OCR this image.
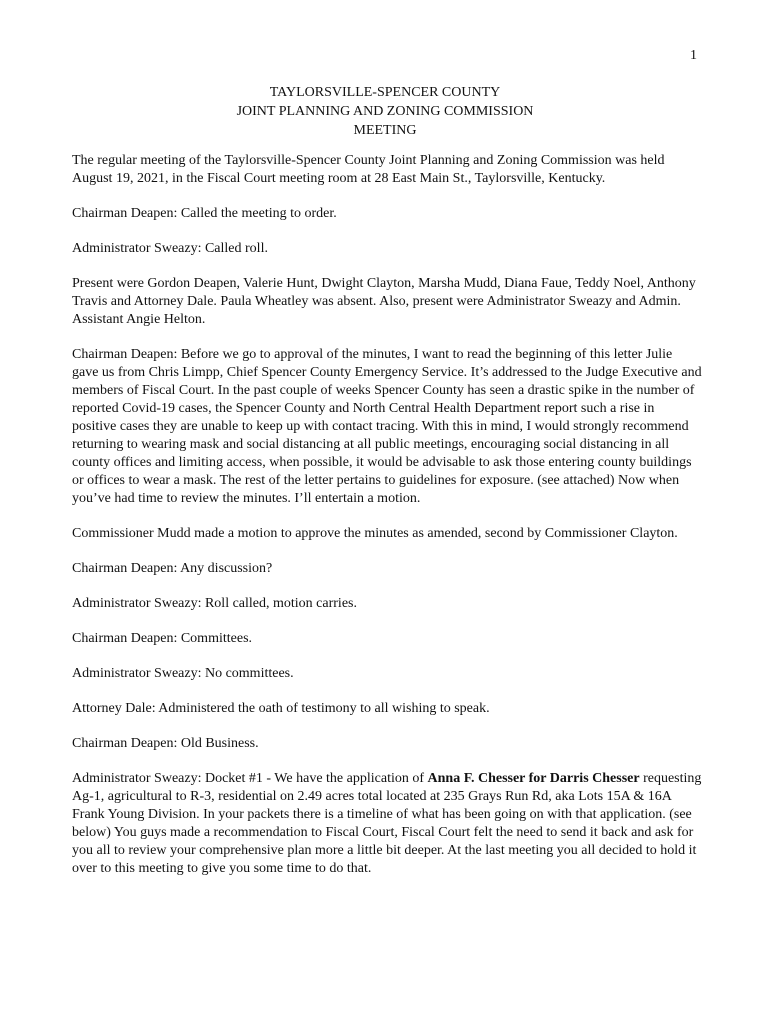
1
TAYLORSVILLE-SPENCER COUNTY
JOINT PLANNING AND ZONING COMMISSION
MEETING

The regular meeting of the Taylorsville-Spencer County Joint Planning and Zoning Commission was held August 19, 2021, in the Fiscal Court meeting room at 28 East Main St., Taylorsville, Kentucky.

Chairman Deapen: Called the meeting to order.

Administrator Sweazy: Called roll.

Present were Gordon Deapen, Valerie Hunt, Dwight Clayton, Marsha Mudd, Diana Faue, Teddy Noel, Anthony Travis and Attorney Dale. Paula Wheatley was absent. Also, present were Administrator Sweazy and Admin. Assistant Angie Helton.

Chairman Deapen: Before we go to approval of the minutes, I want to read the beginning of this letter Julie gave us from Chris Limpp, Chief Spencer County Emergency Service. It’s addressed to the Judge Executive and members of Fiscal Court. In the past couple of weeks Spencer County has seen a drastic spike in the number of reported Covid-19 cases, the Spencer County and North Central Health Department report such a rise in positive cases they are unable to keep up with contact tracing. With this in mind, I would strongly recommend returning to wearing mask and social distancing at all public meetings, encouraging social distancing in all county offices and limiting access, when possible, it would be advisable to ask those entering county buildings or offices to wear a mask. The rest of the letter pertains to guidelines for exposure. (see attached) Now when you’ve had time to review the minutes. I’ll entertain a motion.

Commissioner Mudd made a motion to approve the minutes as amended, second by Commissioner Clayton.

Chairman Deapen: Any discussion?

Administrator Sweazy: Roll called, motion carries.

Chairman Deapen: Committees.

Administrator Sweazy: No committees.

Attorney Dale: Administered the oath of testimony to all wishing to speak.

Chairman Deapen: Old Business.

Administrator Sweazy: Docket #1 - We have the application of Anna F. Chesser for Darris Chesser requesting Ag-1, agricultural to R-3, residential on 2.49 acres total located at 235 Grays Run Rd, aka Lots 15A & 16A Frank Young Division. In your packets there is a timeline of what has been going on with that application. (see below) You guys made a recommendation to Fiscal Court, Fiscal Court felt the need to send it back and ask for you all to review your comprehensive plan more a little bit deeper. At the last meeting you all decided to hold it over to this meeting to give you some time to do that.
